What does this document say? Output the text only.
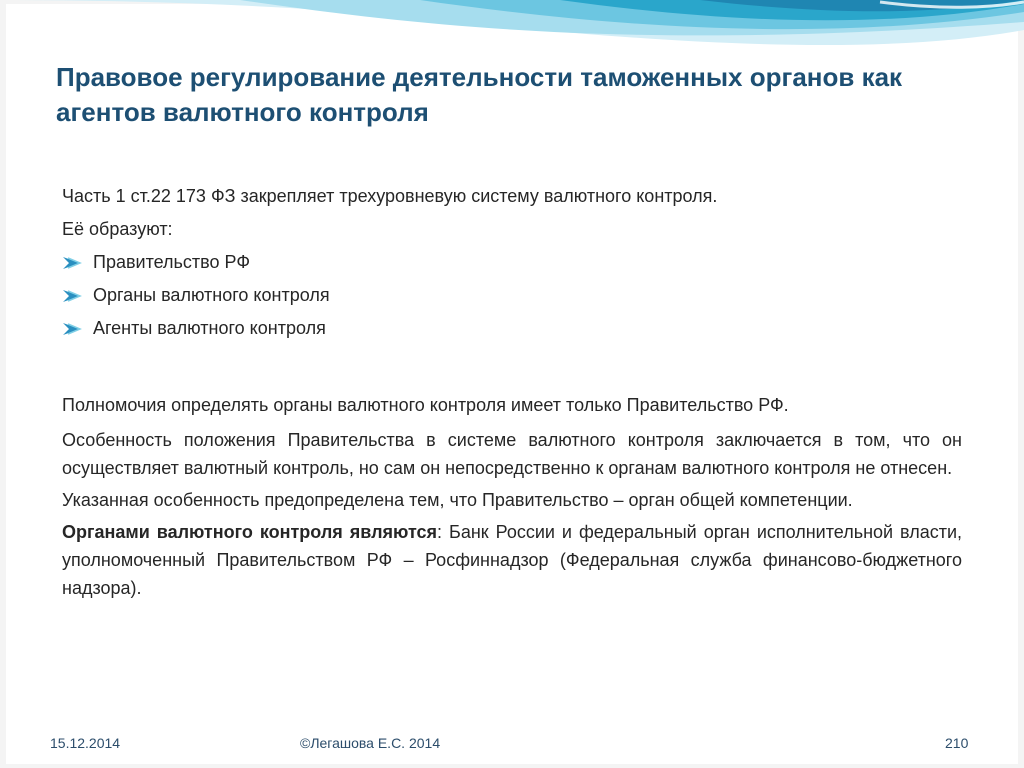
Правовое регулирование деятельности таможенных органов как агентов валютного контроля

Часть 1 ст.22 173 ФЗ закрепляет трехуровневую систему валютного контроля.

Её образуют:

Правительство РФ
Органы валютного контроля
Агенты валютного контроля

Полномочия определять органы валютного контроля имеет только Правительство РФ.

Особенность положения Правительства в системе валютного контроля заключается в том, что он осуществляет валютный контроль, но сам он непосредственно к органам валютного контроля не отнесен.

Указанная особенность предопределена тем, что Правительство – орган общей компетенции.

Органами валютного контроля являются: Банк России и федеральный орган исполнительной власти, уполномоченный Правительством РФ – Росфиннадзор (Федеральная служба финансово-бюджетного надзора).

15.12.2014	©Легашова Е.С. 2014	210
